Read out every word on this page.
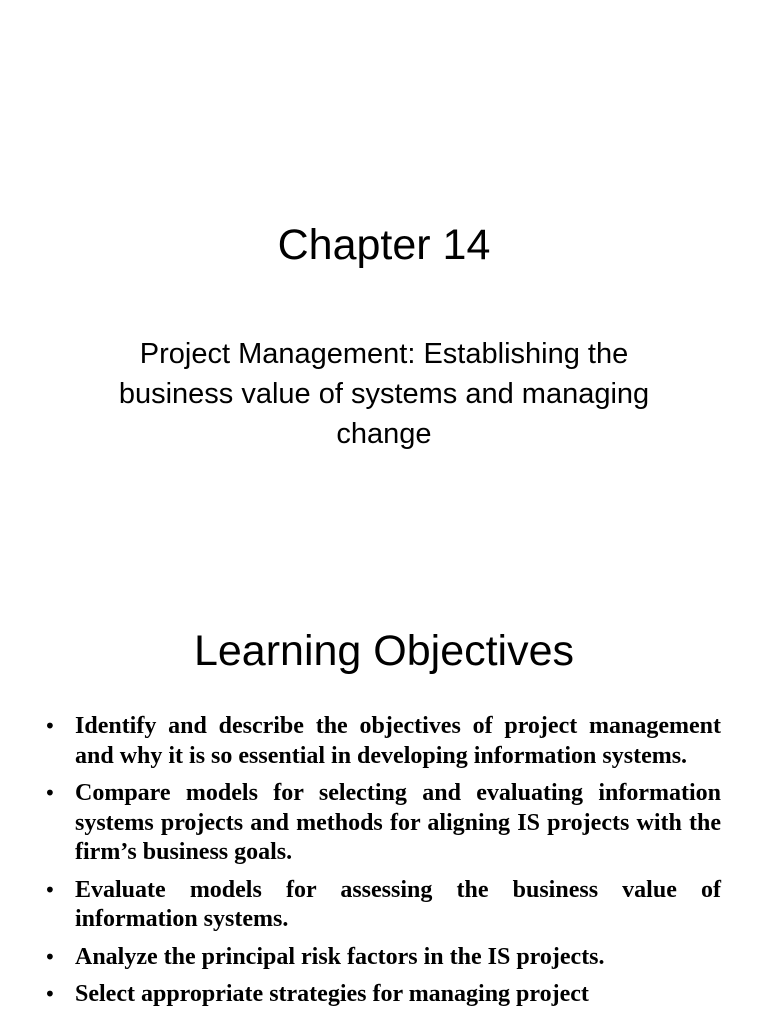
Chapter 14

Project Management: Establishing the business value of systems and managing change

Learning Objectives
• Identify and describe the objectives of project management and why it is so essential in developing information systems.
• Compare models for selecting and evaluating information systems projects and methods for aligning IS projects with the firm’s business goals.
• Evaluate models for assessing the business value of information systems.
• Analyze the principal risk factors in the IS projects.
• Select appropriate strategies for managing project
